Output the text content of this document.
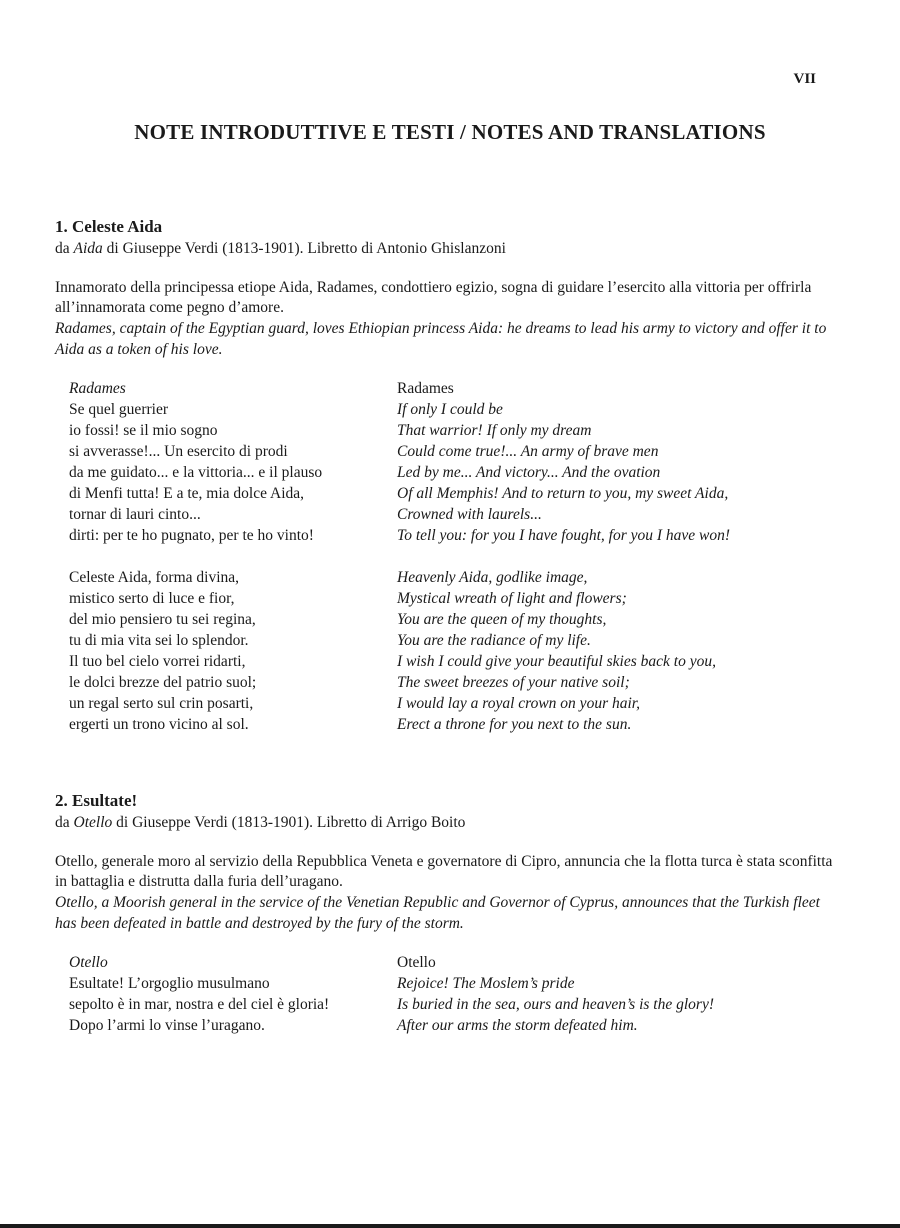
VII
NOTE INTRODUTTIVE E TESTI / NOTES AND TRANSLATIONS
1. Celeste Aida
da Aida di Giuseppe Verdi (1813-1901). Libretto di Antonio Ghislanzoni
Innamorato della principessa etiope Aida, Radames, condottiero egizio, sogna di guidare l’esercito alla vittoria per offrirla all’innamorata come pegno d’amore.
Radames, captain of the Egyptian guard, loves Ethiopian princess Aida: he dreams to lead his army to victory and offer it to Aida as a token of his love.
Radames
Se quel guerrier
io fossi! se il mio sogno
si avverasse!... Un esercito di prodi
da me guidato... e la vittoria... e il plauso
di Menfi tutta! E a te, mia dolce Aida,
tornar di lauri cinto...
dirti: per te ho pugnato, per te ho vinto!
Celeste Aida, forma divina,
mistico serto di luce e fior,
del mio pensiero tu sei regina,
tu di mia vita sei lo splendor.
Il tuo bel cielo vorrei ridarti,
le dolci brezze del patrio suol;
un regal serto sul crin posarti,
ergerti un trono vicino al sol.
Radames
If only I could be
That warrior! If only my dream
Could come true!... An army of brave men
Led by me... And victory... And the ovation
Of all Memphis! And to return to you, my sweet Aida,
Crowned with laurels...
To tell you: for you I have fought, for you I have won!
Heavenly Aida, godlike image,
Mystical wreath of light and flowers;
You are the queen of my thoughts,
You are the radiance of my life.
I wish I could give your beautiful skies back to you,
The sweet breezes of your native soil;
I would lay a royal crown on your hair,
Erect a throne for you next to the sun.
2. Esultate!
da Otello di Giuseppe Verdi (1813-1901). Libretto di Arrigo Boito
Otello, generale moro al servizio della Repubblica Veneta e governatore di Cipro, annuncia che la flotta turca è stata sconfitta in battaglia e distrutta dalla furia dell’uragano.
Otello, a Moorish general in the service of the Venetian Republic and Governor of Cyprus, announces that the Turkish fleet has been defeated in battle and destroyed by the fury of the storm.
Otello
Esultate! L’orgoglio musulmano
sepolto è in mar, nostra e del ciel è gloria!
Dopo l’armi lo vinse l’uragano.
Otello
Rejoice! The Moslem’s pride
Is buried in the sea, ours and heaven’s is the glory!
After our arms the storm defeated him.
